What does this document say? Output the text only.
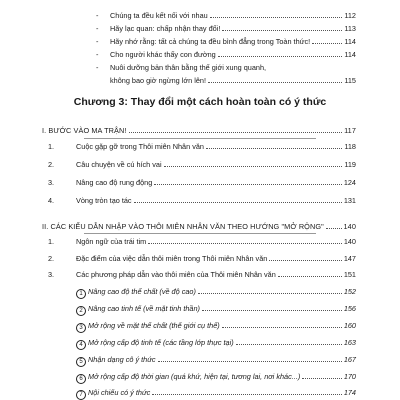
-	Chúng ta đều kết nối với nhau	112
-	Hãy lạc quan: chấp nhận thay đổi!	113
-	Hãy nhớ rằng: tất cả chúng ta đều bình đẳng trong Toàn thức!	114
-	Cho người khác thấy con đường	114
- Nuôi dưỡng bản thân bằng thế giới xung quanh,
không bao giờ ngừng lớn lên!	115
Chương 3: Thay đổi một cách hoàn toàn có ý thức
I. BƯỚC VÀO MA TRẬN!	117
1.	Cuộc gặp gỡ trong Thôi miên Nhân văn	118
2.	Câu chuyện về cú hích vai	119
3.	Nâng cao độ rung động	124
4.	Vòng tròn tạo tác	131
II. CÁC KIỂU DẪN NHẬP VÀO THÔI MIÊN NHÂN VĂN THEO HƯỚNG "MỞ RỘNG"	140
1.	Ngôn ngữ của trái tim	140
2.	Đặc điểm của việc dẫn thôi miên trong Thôi miên Nhân văn	147
3.	Các phương pháp dẫn vào thôi miên của Thôi miên Nhân văn	151
1 Nâng cao độ thể chất (về độ cao)	152
2 Nâng cao tinh tế (về mặt tinh thần)	156
3 Mở rộng về mặt thể chất (thế giới cụ thể)	160
4 Mở rộng cấp độ tinh tế (các tầng lớp thực tại)	163
5 Nhận dạng cô ý thức	167
6 Mở rộng cấp độ thời gian (quá khứ, hiện tại, tương lai, nơi khác...)	170
7 Nội chiếu có ý thức	174
